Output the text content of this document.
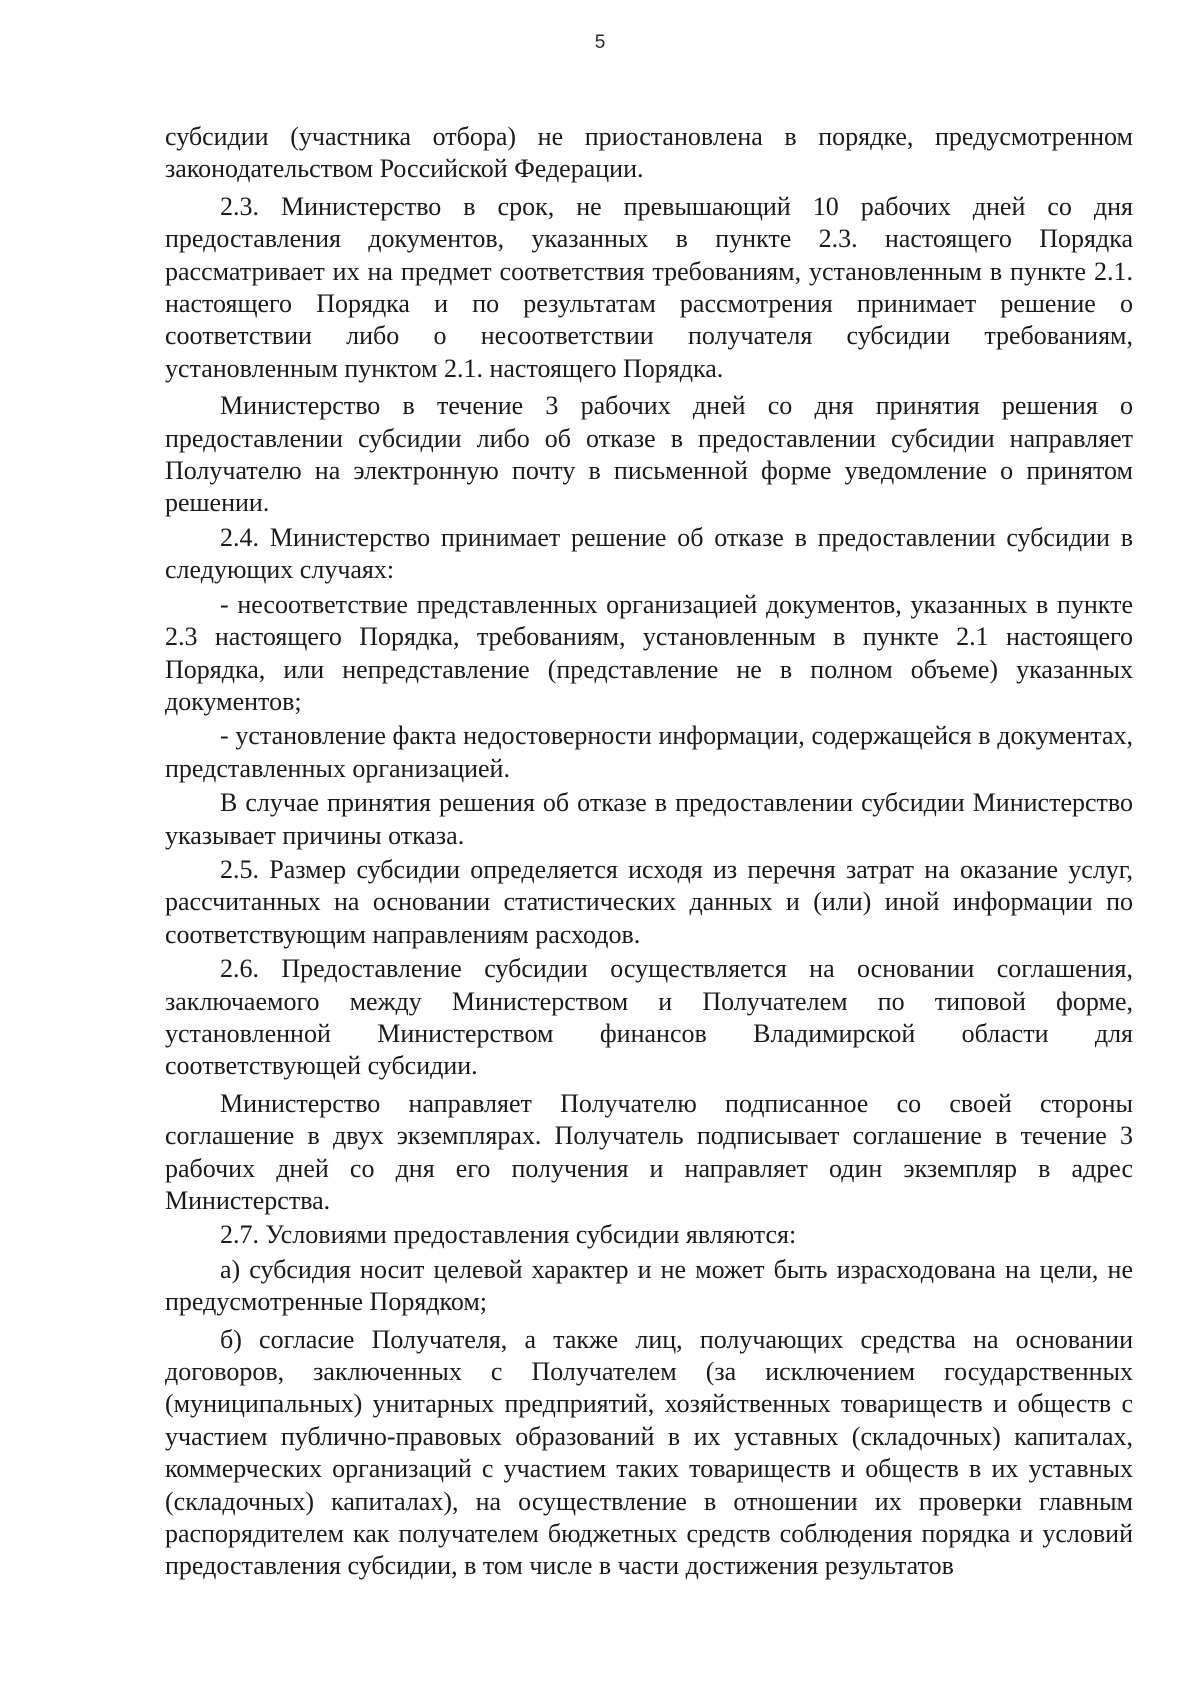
5

субсидии (участника отбора) не приостановлена в порядке, предусмотренном законодательством Российской Федерации.

2.3. Министерство в срок, не превышающий 10 рабочих дней со дня предоставления документов, указанных в пункте 2.3. настоящего Порядка рассматривает их на предмет соответствия требованиям, установленным в пункте 2.1. настоящего Порядка и по результатам рассмотрения принимает решение о соответствии либо о несоответствии получателя субсидии требованиям, установленным пунктом 2.1. настоящего Порядка.

Министерство в течение 3 рабочих дней со дня принятия решения о предоставлении субсидии либо об отказе в предоставлении субсидии направляет Получателю на электронную почту в письменной форме уведомление о принятом решении.

2.4. Министерство принимает решение об отказе в предоставлении субсидии в следующих случаях:

- несоответствие представленных организацией документов, указанных в пункте 2.3 настоящего Порядка, требованиям, установленным в пункте 2.1 настоящего Порядка, или непредставление (представление не в полном объеме) указанных документов;

- установление факта недостоверности информации, содержащейся в документах, представленных организацией.

В случае принятия решения об отказе в предоставлении субсидии Министерство указывает причины отказа.

2.5. Размер субсидии определяется исходя из перечня затрат на оказание услуг, рассчитанных на основании статистических данных и (или) иной информации по соответствующим направлениям расходов.

2.6. Предоставление субсидии осуществляется на основании соглашения, заключаемого между Министерством и Получателем по типовой форме, установленной Министерством финансов Владимирской области для соответствующей субсидии.

Министерство направляет Получателю подписанное со своей стороны соглашение в двух экземплярах. Получатель подписывает соглашение в течение 3 рабочих дней со дня его получения и направляет один экземпляр в адрес Министерства.

2.7. Условиями предоставления субсидии являются:

а) субсидия носит целевой характер и не может быть израсходована на цели, не предусмотренные Порядком;

б) согласие Получателя, а также лиц, получающих средства на основании договоров, заключенных с Получателем (за исключением государственных (муниципальных) унитарных предприятий, хозяйственных товариществ и обществ с участием публично-правовых образований в их уставных (складочных) капиталах, коммерческих организаций с участием таких товариществ и обществ в их уставных (складочных) капиталах), на осуществление в отношении их проверки главным распорядителем как получателем бюджетных средств соблюдения порядка и условий предоставления субсидии, в том числе в части достижения результатов
